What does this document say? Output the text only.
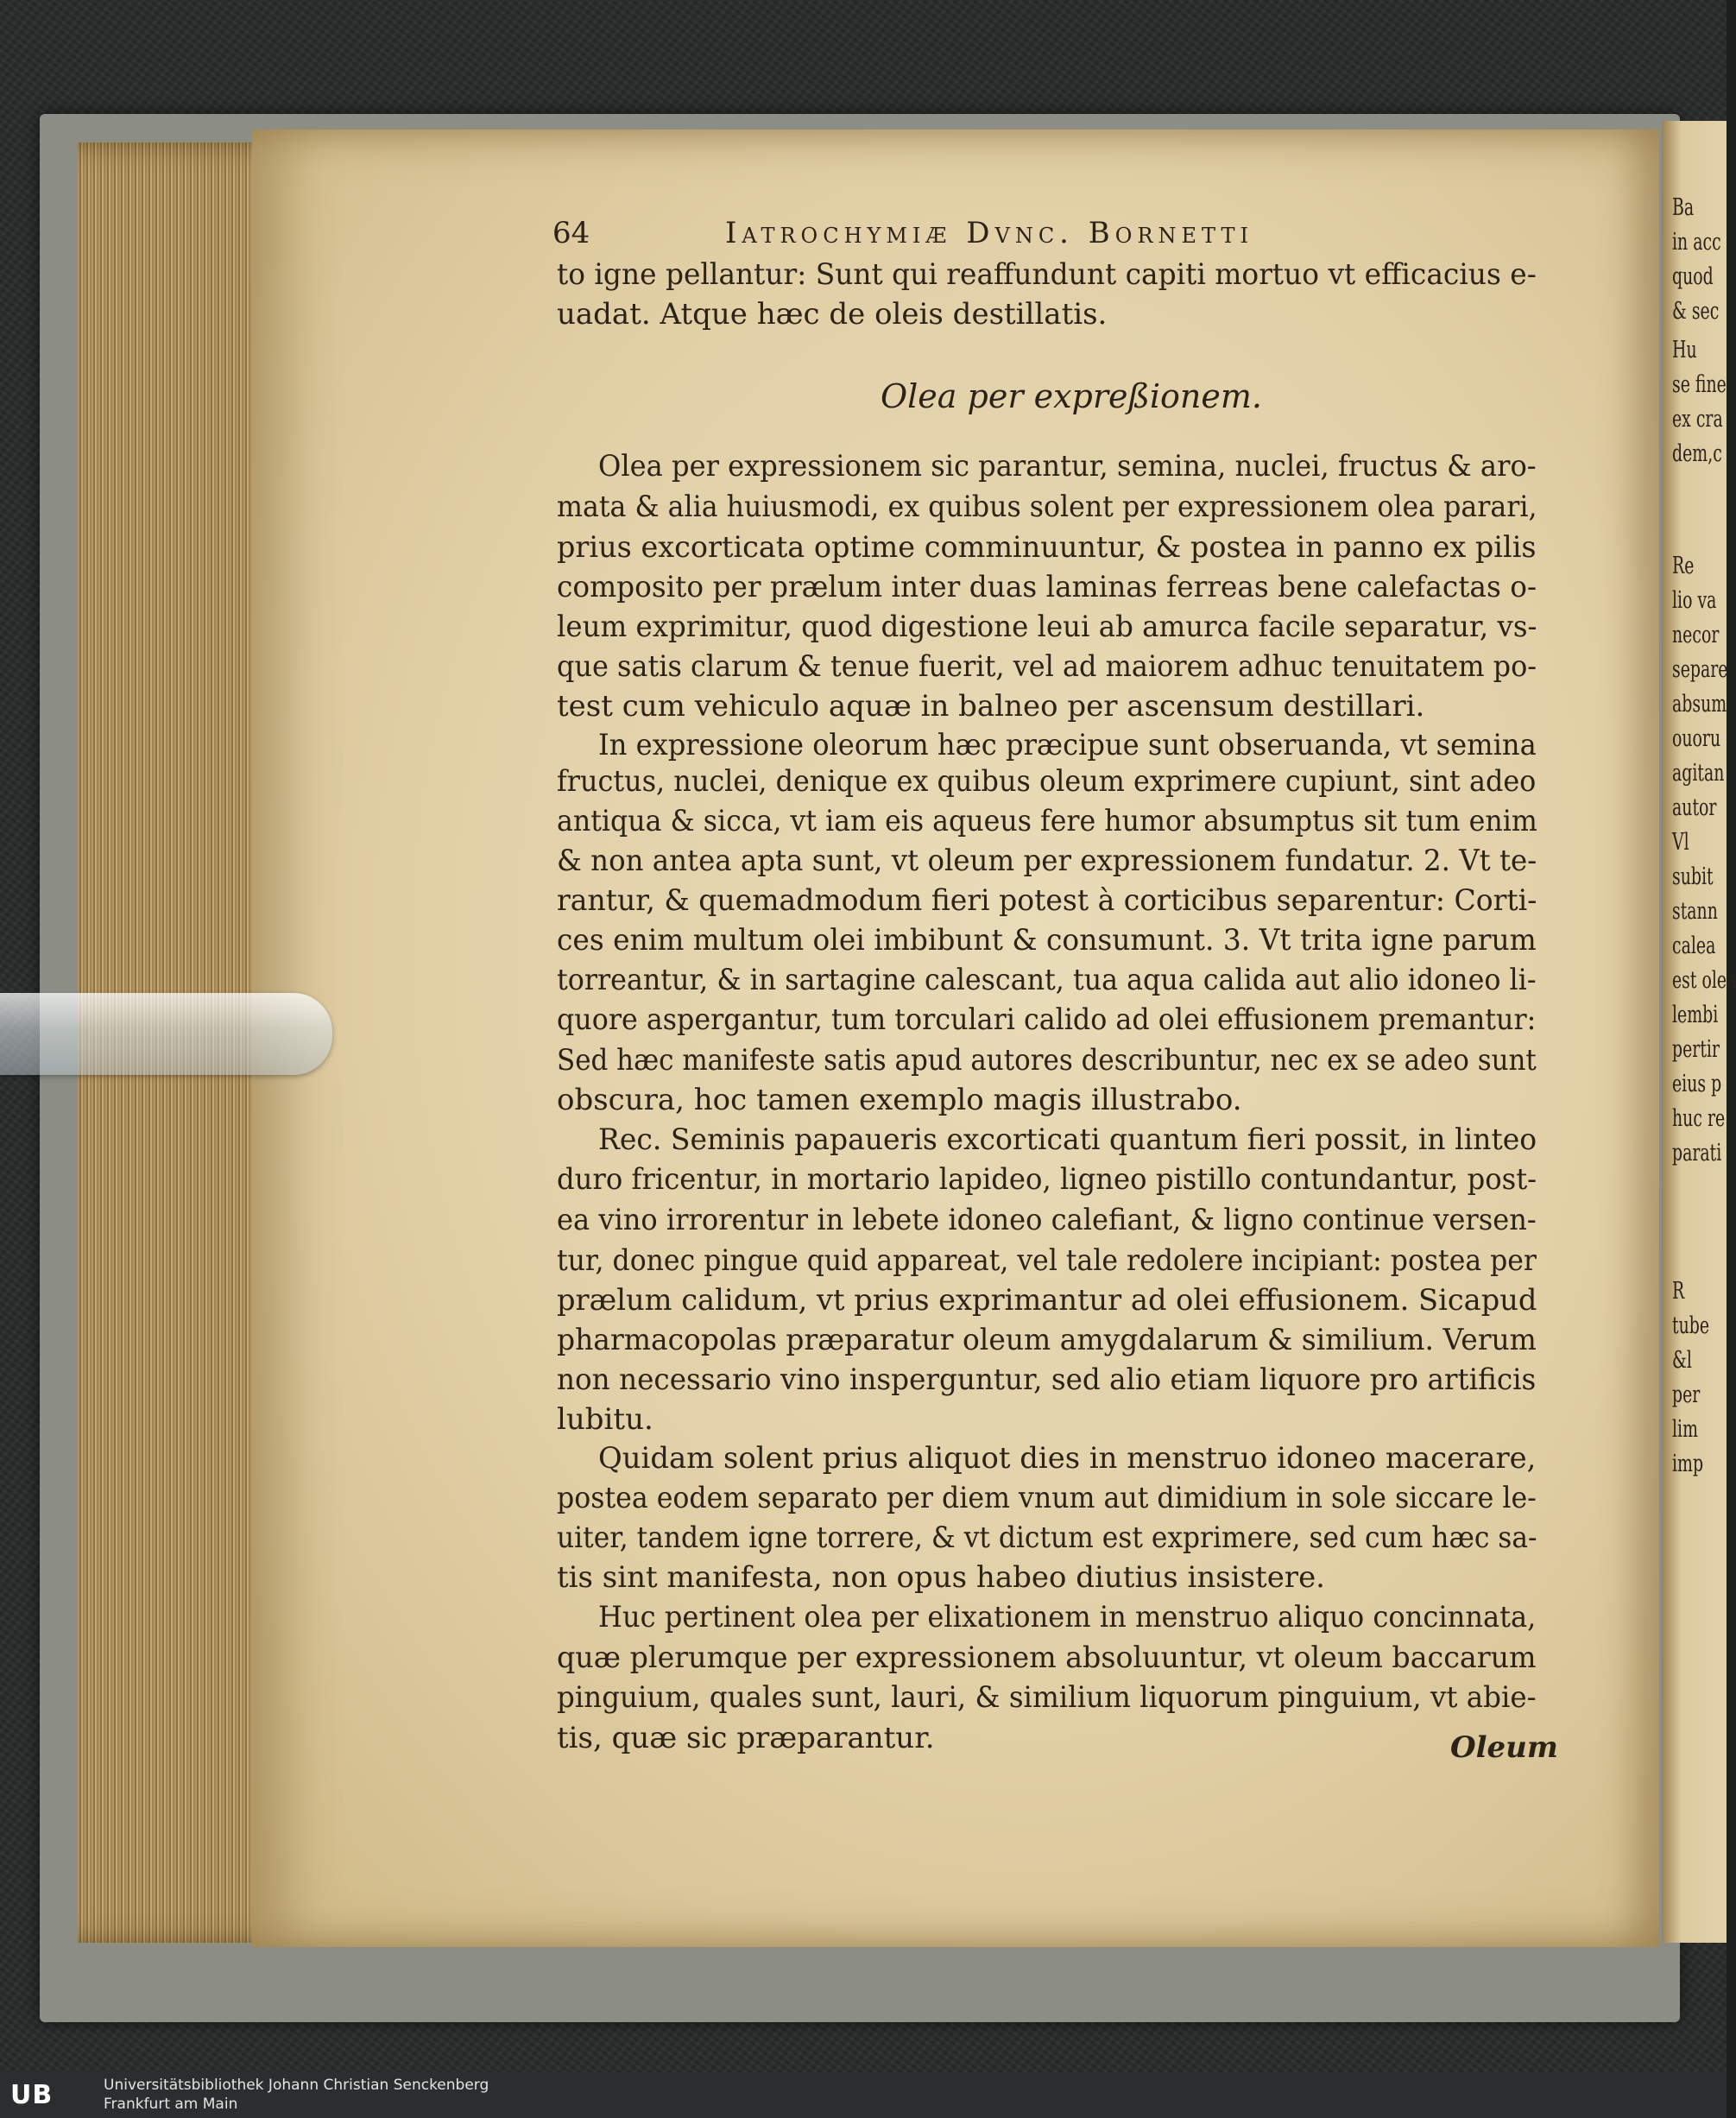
Ba
in acc
quod
& sec
Hu
se fine
ex cra
dem,c
Re
lio va
necor
separe
absum
ouoru
agitan
autor
Vl
subit
stann
calea
est olea
lembi
pertir
eius p
huc re
parati
R
tube
&l
per
lim
imp
64	Iatrochymiæ Dvnc. Bornetti
to igne pellantur: Sunt qui reaffundunt capiti mortuo vt efficacius e-
uadat. Atque hæc de oleis destillatis.
Olea per expressionem sic parantur, semina, nuclei, fructus & aro-
mata & alia huiusmodi, ex quibus solent per expressionem olea parari,
prius excorticata optime comminuuntur, & postea in panno ex pilis
composito per prælum inter duas laminas ferreas bene calefactas o-
leum exprimitur, quod digestione leui ab amurca facile separatur, vs-
que satis clarum & tenue fuerit, vel ad maiorem adhuc tenuitatem po-
test cum vehiculo aquæ in balneo per ascensum destillari.
In expressione oleorum hæc præcipue sunt obseruanda, vt semina
fructus, nuclei, denique ex quibus oleum exprimere cupiunt, sint adeo
antiqua & sicca, vt iam eis aqueus fere humor absumptus sit tum enim
& non antea apta sunt, vt oleum per expressionem fundatur. 2. Vt te-
rantur, & quemadmodum fieri potest à corticibus separentur: Corti-
ces enim multum olei imbibunt & consumunt. 3. Vt trita igne parum
torreantur, & in sartagine calescant, tua aqua calida aut alio idoneo li-
quore aspergantur, tum torculari calido ad olei effusionem premantur:
Sed hæc manifeste satis apud autores describuntur, nec ex se adeo sunt
obscura, hoc tamen exemplo magis illustrabo.
Rec. Seminis papaueris excorticati quantum fieri possit, in linteo
duro fricentur, in mortario lapideo, ligneo pistillo contundantur, post-
ea vino irrorentur in lebete idoneo calefiant, & ligno continue versen-
tur, donec pingue quid appareat, vel tale redolere incipiant: postea per
prælum calidum, vt prius exprimantur ad olei effusionem. Sicapud
pharmacopolas præparatur oleum amygdalarum & similium. Verum
non necessario vino insperguntur, sed alio etiam liquore pro artificis
lubitu.
Quidam solent prius aliquot dies in menstruo idoneo macerare,
postea eodem separato per diem vnum aut dimidium in sole siccare le-
uiter, tandem igne torrere, & vt dictum est exprimere, sed cum hæc sa-
tis sint manifesta, non opus habeo diutius insistere.
Huc pertinent olea per elixationem in menstruo aliquo concinnata,
quæ plerumque per expressionem absoluuntur, vt oleum baccarum
pinguium, quales sunt, lauri, & similium liquorum pinguium, vt abie-
tis, quæ sic præparantur.
Olea per expreßionem.
Oleum
UB	Universitätsbibliothek Johann Christian Senckenberg
Frankfurt am Main
